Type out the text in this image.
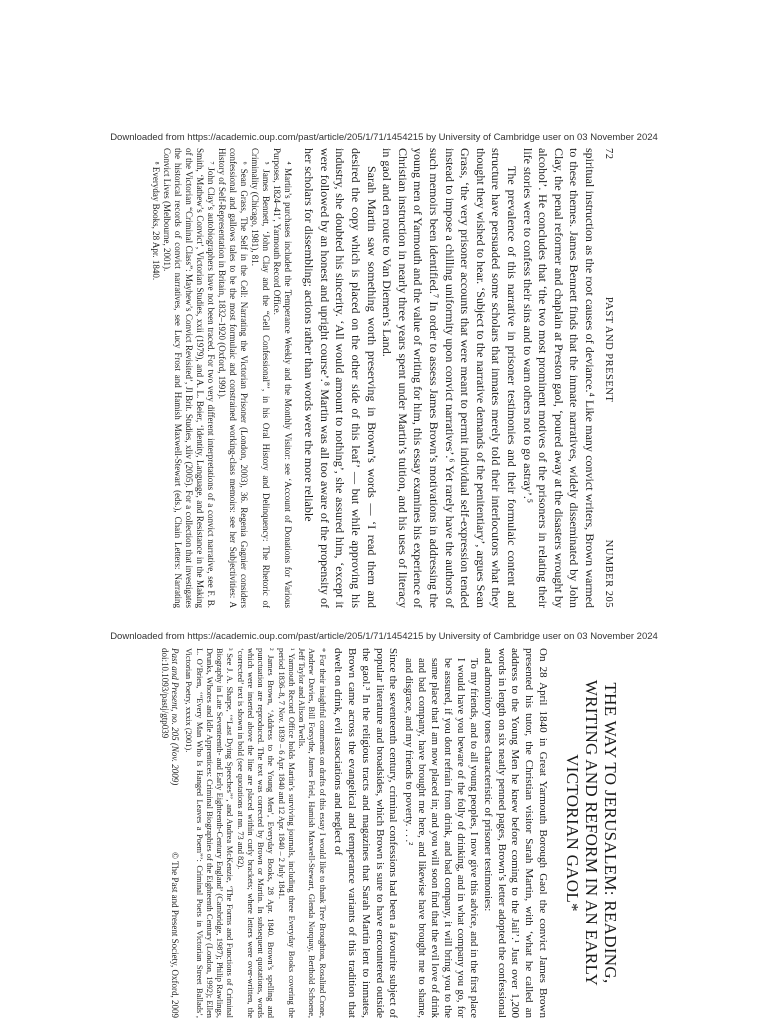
Downloaded from https://academic.oup.com/past/article/205/1/71/1454215 by University of Cambridge user on 03 November 2024
72
PAST AND PRESENT
NUMBER 205

spiritual instruction as the root causes of deviance.⁴ Like many convict writers, Brown warmed to these themes. James Bennett finds that the inmate narratives, widely disseminated by John Clay, the penal reformer and chaplain at Preston gaol, ‘poured away at the disasters wrought by alcohol’. He concludes that ‘the two most prominent motives of the prisoners in relating their life stories were to confess their sins and to warn others not to go astray’.⁵

The prevalence of this narrative in prisoner testimonies and their formulaic content and structure have persuaded some scholars that inmates merely told their interlocutors what they thought they wished to hear. ‘Subject to the narrative demands of the penitentiary’, argues Sean Grass, ‘the very prisoner accounts that were meant to permit individual self-expression tended instead to impose a chilling uniformity upon convict narratives’.⁶ Yet rarely have the authors of such memoirs been identified.⁷ In order to assess James Brown’s motivations in addressing the young men of Yarmouth and the value of writing for him, this essay examines his experience of Christian instruction in nearly three years spent under Martin’s tuition, and his uses of literacy in gaol and en route to Van Diemen’s Land.

Sarah Martin saw something worth preserving in Brown’s words — ‘I read them and desired the copy which is placed on the other side of this leaf’ — but while approving his industry, she doubted his sincerity. ‘All would amount to nothing’, she assured him, ‘except it were followed by an honest and upright course’.⁸ Martin was all too aware of the propensity of her scholars for dissembling; actions rather than words were the more reliable

⁴ Martin’s purchases included the Temperance Weekly and the Monthly Visitor: see ‘Account of Donations for Various Purposes, 1824–41’, Yarmouth Record Office.

⁵ James Bennett, ‘John Clay and the “Gell Confessional”’, in his Oral History and Delinquency: The Rhetoric of Criminality (Chicago, 1981), 81.

⁶ Sean Grass, The Self in the Cell: Narrating the Victorian Prisoner (London, 2003), 36. Regenia Gagnier considers confessional and gallows tales to be the most formulaic and constrained working-class memoirs: see her Subjectivities: A History of Self-Representation in Britain, 1832–1920 (Oxford, 1991).

⁷ John Clay’s autobiographers have not been traced. For two very different interpretations of a convict narrative, see F. B. Smith, ‘Mathew’s Convict’, Victorian Studies, xxii (1979), and A. L. Beier, ‘Identity, Language, and Resistance in the Making of the Victorian “Criminal Class”: Mayhew’s Convict Revisited’, Jl Brit. Studies, xliv (2005). For a collection that investigates the historical records of convict narratives, see Lucy Frost and Hamish Maxwell-Stewart (eds.), Chain Letters: Narrating Convict Lives (Melbourne, 2001).

⁸ Everyday Books, 28 Apr. 1840.

Downloaded from https://academic.oup.com/past/article/205/1/71/1454215 by University of Cambridge user on 03 November 2024
THE WAY TO JERUSALEM: READING, WRITING AND REFORM IN AN EARLY VICTORIAN GAOL*

On 28 April 1840 in Great Yarmouth Borough Gaol the convict James Brown presented his tutor, the Christian visitor Sarah Martin, with ‘what he called an address to the Young Men he knew before coming to the Jail’.¹ Just over 1,200 words in length on six neatly penned pages, Brown’s letter adopted the confessional and admonitory tones characteristic of prisoner testimonies:

To my friends, and to all young peoples, I now give this advice, and in the first place I would have you beware of the folly of drinking, and in what company you go, for be assured, if you dont refrain from drink, and bad company, it will bring you to the same place that I am now placed in; and you will soon find that the evil love of drink and bad company, have brought me here, and likewise have brought me to shame, and disgrace, and my friends to poverty. . . .²

Since the seventeenth century, criminal confessions had been a favourite subject of popular literature and broadsides, which Brown is sure to have encountered outside the gaol.³ In the religious tracts and magazines that Sarah Martin lent to inmates, Brown came across the evangelical and temperance variants of this tradition that dwelt on drink, evil associations and neglect of

* For their insightful comments on drafts of this essay I would like to thank Trev Broughton, Rosalind Crone, Andrew Davies, Bill Forsythe, James Friel, Hamish Maxwell-Stewart, Glenda Norquay, Berthold Schoene, Jeff Taylor and Alison Twells.

¹ Yarmouth Record Office holds Martin’s surviving journals, including three Everyday Books covering the period 1836–8, 7 Nov. 1839 – 6 Apr. 1840 and 12 Apr. 1840 – 2 July 1841.

² James Brown, ‘Address to the Young Men’, Everyday Books, 28 Apr. 1840. Brown’s spelling and punctuation are reproduced. The text was corrected by Brown or Martin. In subsequent quotations, words which were inserted above the line are placed within curly brackets; where letters were over-written, the ‘corrected’ text is shown in bold (see quotations at nn. 73 and 82).

³ See J. A. Sharpe, ‘“Last Dying Speeches”’, and Andrea McKenzie, ‘The Forms and Functions of Criminal Biography in Late Seventeenth- and Early Eighteenth-Century England’ (Cambridge, 1987); Philip Rawlings, Drunks, Whores and Idle Apprentices: Criminal Biographies of the Eighteenth Century (London, 1992); Ellen L. O’Brien, ‘“Every Man Who Is Hanged Leaves a Poem”’: Criminal Poets in Victorian Street Ballads’, Victorian Poetry, xxxix (2001).

Past and Present, no. 205 (Nov. 2009)
© The Past and Present Society, Oxford, 2009
doi:10.1093/pastj/gtp039
